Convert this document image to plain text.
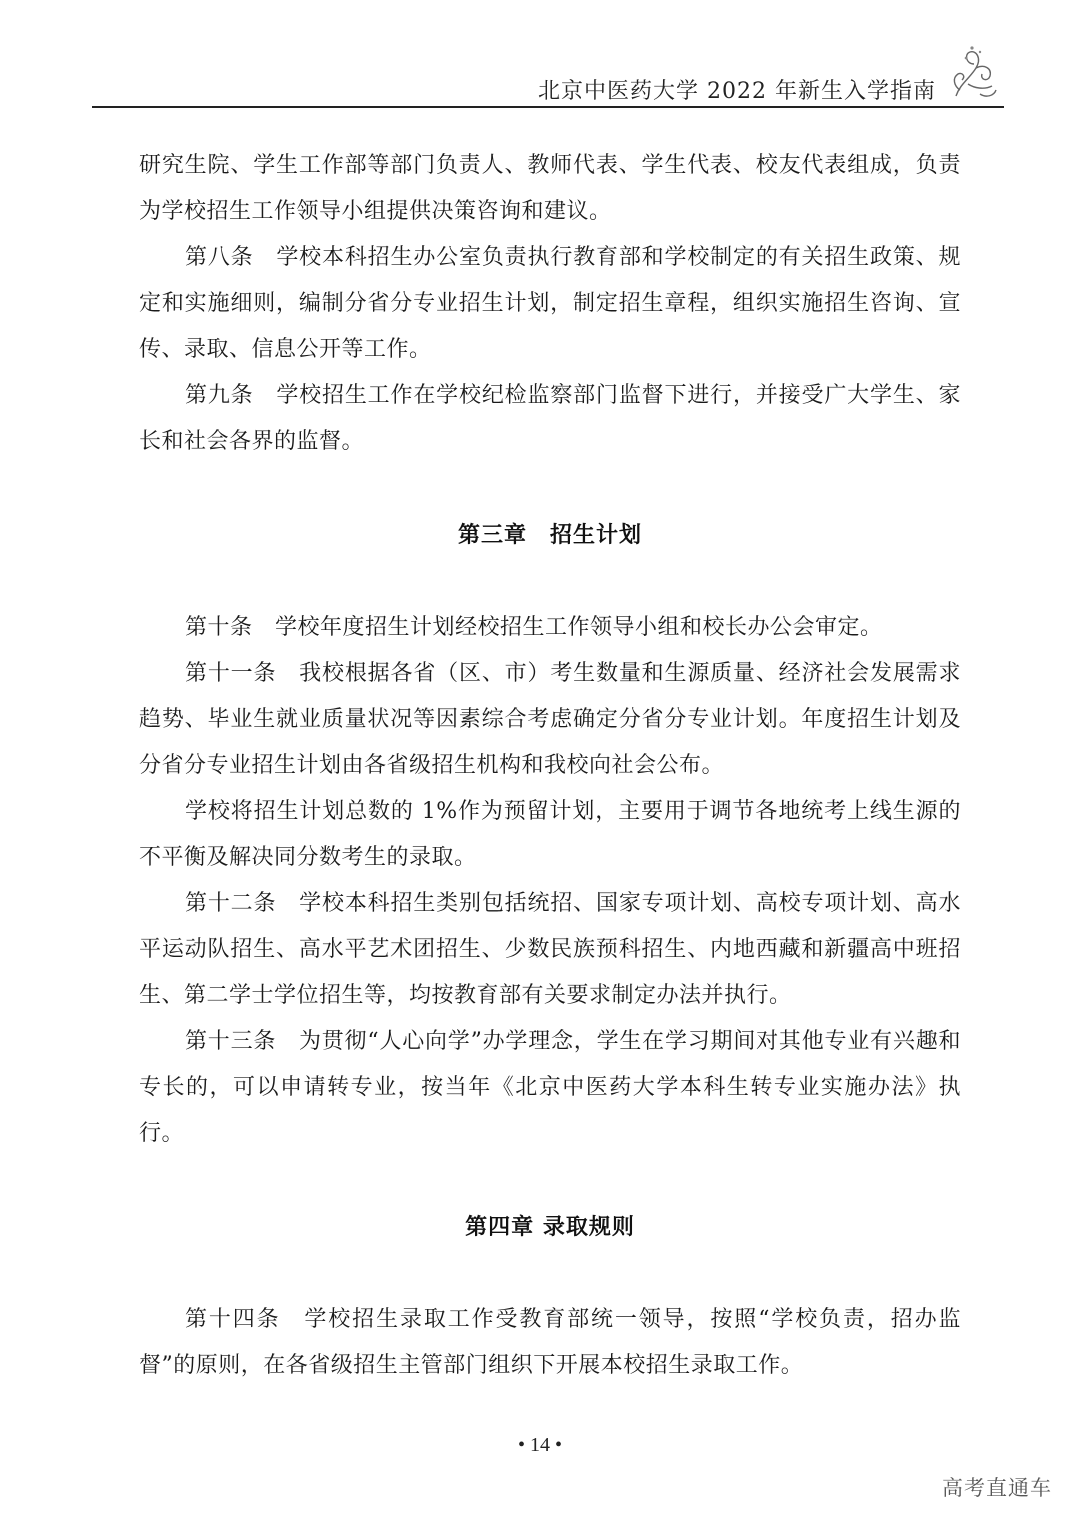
北京中医药大学 2022 年新生入学指南

研究生院、学生工作部等部门负责人、教师代表、学生代表、校友代表组成，负责为学校招生工作领导小组提供决策咨询和建议。

第八条　学校本科招生办公室负责执行教育部和学校制定的有关招生政策、规定和实施细则，编制分省分专业招生计划，制定招生章程，组织实施招生咨询、宣传、录取、信息公开等工作。

第九条　学校招生工作在学校纪检监察部门监督下进行，并接受广大学生、家长和社会各界的监督。

第三章　招生计划

第十条　学校年度招生计划经校招生工作领导小组和校长办公会审定。

第十一条　我校根据各省（区、市）考生数量和生源质量、经济社会发展需求趋势、毕业生就业质量状况等因素综合考虑确定分省分专业计划。年度招生计划及分省分专业招生计划由各省级招生机构和我校向社会公布。

学校将招生计划总数的 1%作为预留计划，主要用于调节各地统考上线生源的不平衡及解决同分数考生的录取。

第十二条　学校本科招生类别包括统招、国家专项计划、高校专项计划、高水平运动队招生、高水平艺术团招生、少数民族预科招生、内地西藏和新疆高中班招生、第二学士学位招生等，均按教育部有关要求制定办法并执行。

第十三条　为贯彻“人心向学”办学理念，学生在学习期间对其他专业有兴趣和专长的，可以申请转专业，按当年《北京中医药大学本科生转专业实施办法》执行。

第四章 录取规则

第十四条　学校招生录取工作受教育部统一领导，按照“学校负责，招办监督”的原则，在各省级招生主管部门组织下开展本校招生录取工作。

• 14 •
高考直通车
